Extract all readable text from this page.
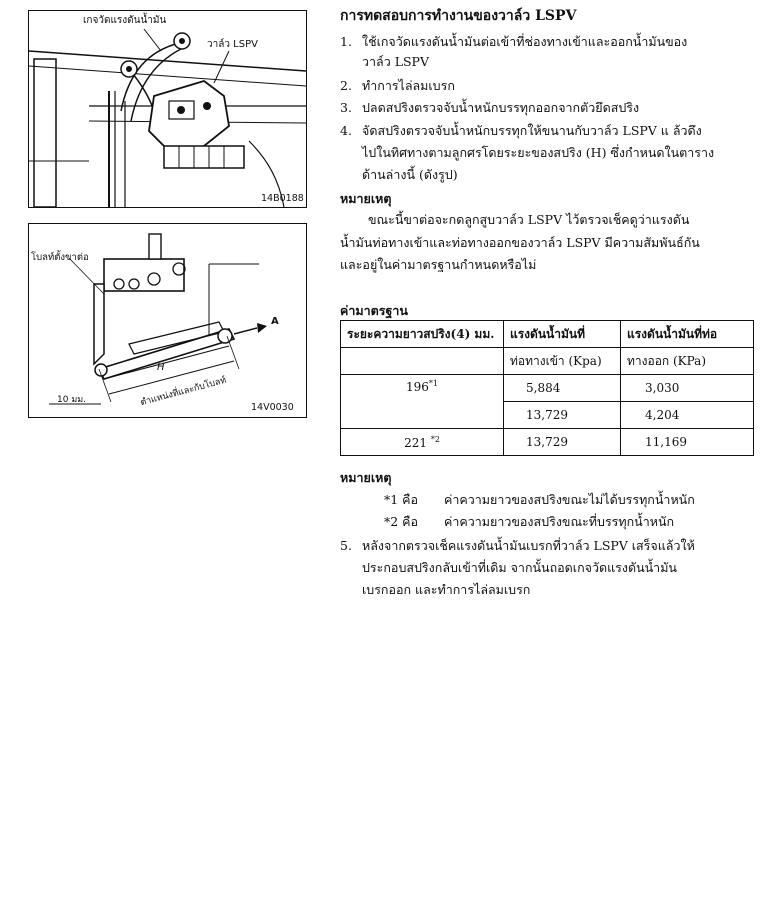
เกจวัดแรงดันน้ำมัน
วาล์ว LSPV
14B0188
โบลท์ตั้งขาต่อ
A
H
10 มม.	ตำแหน่งที่และกับโบลท์ 14V0030
การทดสอบการทำงานของวาล์ว LSPV
1. ใช้เกจวัดแรงดันน้ำมันต่อเข้าที่ช่องทางเข้าและออกน้ำมันของ
วาล์ว LSPV
2. ทำการไล่ลมเบรก
3. ปลดสปริงตรวจจับน้ำหนักบรรทุกออกจากตัวยึดสปริง
4. จัดสปริงตรวจจับน้ำหนักบรรทุกให้ขนานกับวาล์ว LSPV แ ล้วดึง
ไปในทิศทางตามลูกศรโดยระยะของสปริง (H) ซึ่งกำหนดในตาราง
ด้านล่างนี้ (ดังรูป)
หมายเหตุ
ขณะนี้ขาต่อจะกดลูกสูบวาล์ว LSPV ไว้ตรวจเช็คดูว่าแรงดัน
น้ำมันท่อทางเข้าและท่อทางออกของวาล์ว LSPV มีความสัมพันธ์กัน
และอยู่ในค่ามาตรฐานกำหนดหรือไม่
ค่ามาตรฐาน
ระยะความยาวสปริง(4) มม.	แรงดันน้ำมันที่	แรงดันน้ำมันที่ท่อ
	ท่อทางเข้า (Kpa)	ทางออก (KPa)
196$^{*1}$	5,884	3,030
	13,729	4,204
221 $^{*2}$	13,729	11,169
หมายเหตุ
*1 คือ ค่าความยาวของสปริงขณะไม่ได้บรรทุกน้ำหนัก
*2 คือ ค่าความยาวของสปริงขณะที่บรรทุกน้ำหนัก
5. หลังจากตรวจเช็คแรงดันน้ำมันเบรกที่วาล์ว LSPV เสร็จแล้วให้
ประกอบสปริงกลับเข้าที่เดิม จากนั้นถอดเกจวัดแรงดันน้ำมัน
เบรกออก และทำการไล่ลมเบรก
